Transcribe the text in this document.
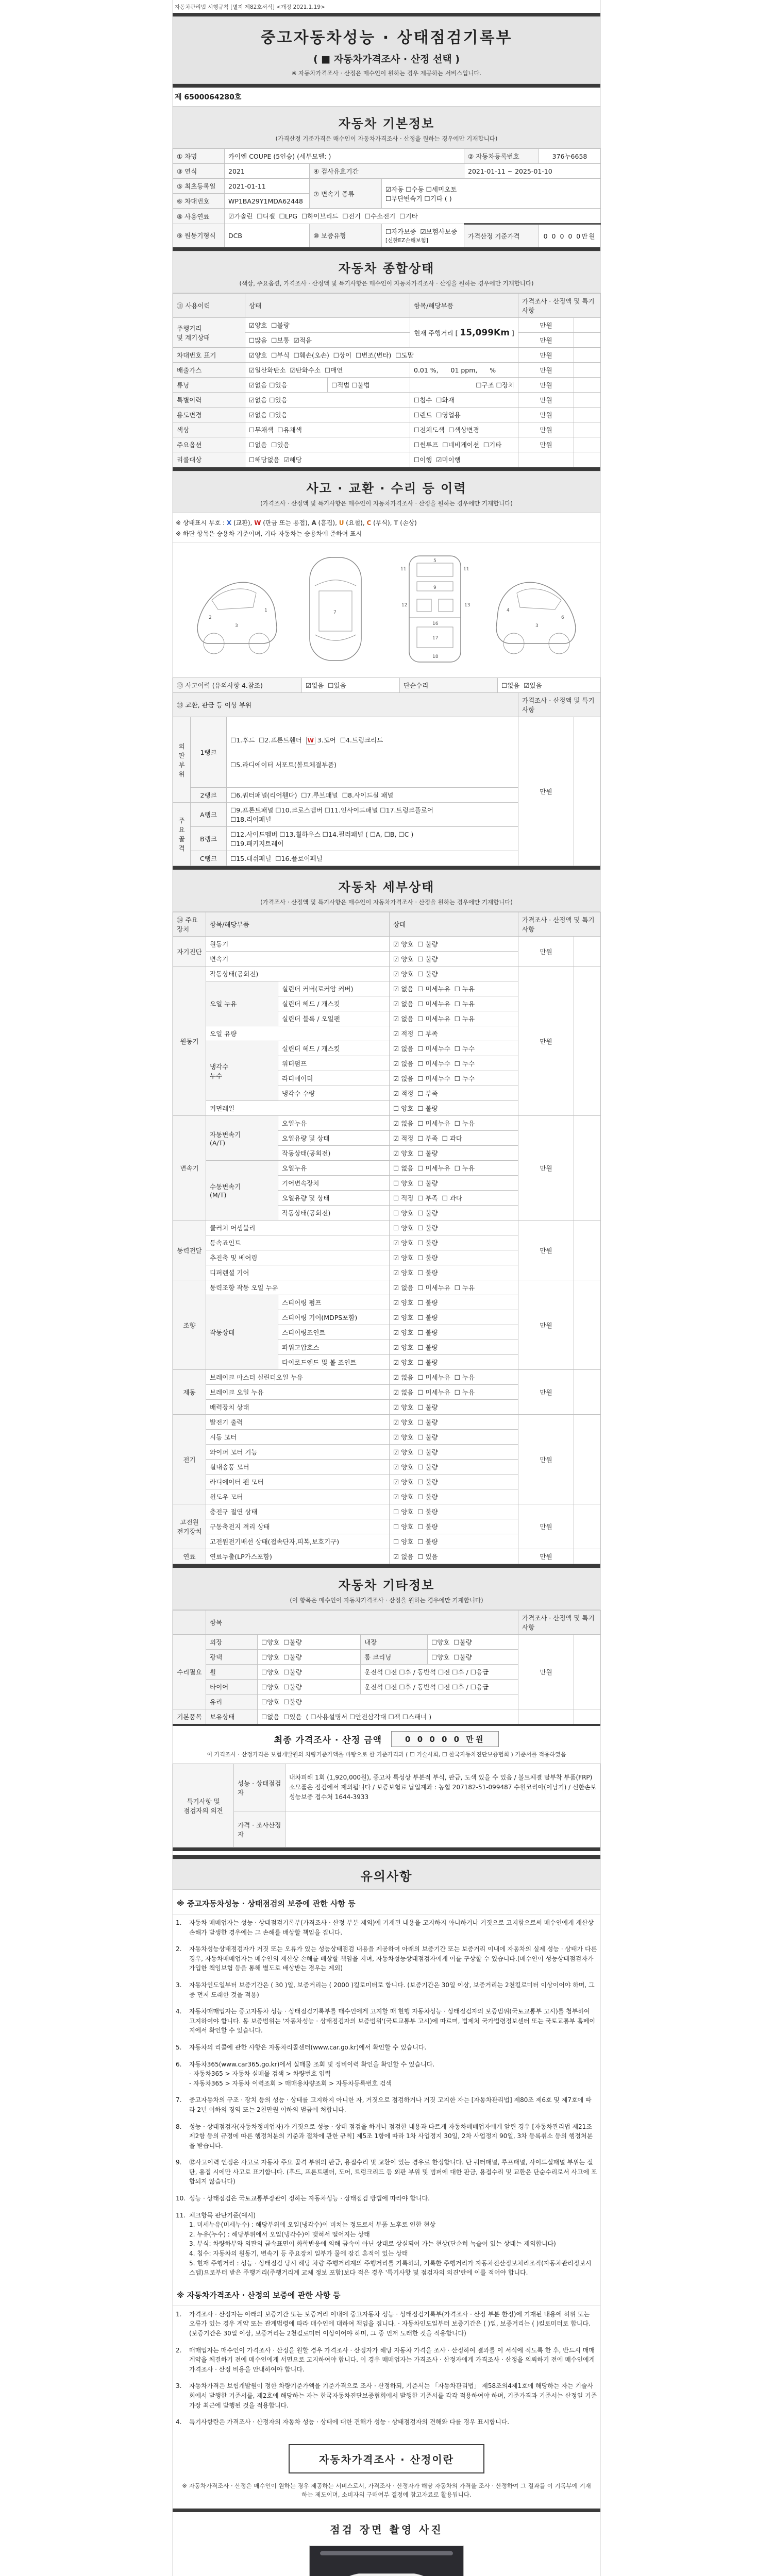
자동차관리법 시행규칙 [별지 제82호서식] <개정 2021.1.19>
중고자동차성능 · 상태점검기록부
( ■ 자동차가격조사 · 산정 선택 )
※ 자동차가격조사 · 산정은 매수인이 원하는 경우 제공하는 서비스입니다.
제 6500064280호
자동차 기본정보
(가격산정 기준가격은 매수인이 자동차가격조사 · 산정을 원하는 경우에만 기재합니다)
① 차명	카이엔 COUPE (5인승) (세부모델: )			② 자동차등록번호	376누6658
③ 연식	2021	④ 검사유효기간		2021-01-11 ~ 2025-01-10	
⑤ 최초등록일	2021-01-11	⑦ 변속기 종류	☑자동 ☐수동 ☐세미오토
☐무단변속기 ☐기타 ( )		
⑥ 차대번호	WP1BA29Y1MDA62448				
⑧ 사용연료	☑가솔린  ☐디젤  ☐LPG  ☐하이브리드  ☐전기  ☐수소전기  ☐기타				
⑨ 원동기형식	DCB	⑩ 보증유형	☐자가보증  ☑보험사보증 [신한EZ손해보험]	가격산정 기준가격	0 0 0 0 0만원
자동차 종합상태
(색상, 주요옵션, 가격조사 · 산정액 및 특기사항은 매수인이 자동차가격조사 · 산정을 원하는 경우에만 기재합니다)
⑪ 사용이력	상태		항목/해당부품	가격조사 · 산정액 및 특기사항	
주행거리
및 계기상태	☑양호  ☐불량		현재 주행거리 [ 15,099Km ]	만원	
	☐많음  ☐보통  ☑적음			만원	
차대번호 표기	☑양호  ☐부식  ☐훼손(오손)  ☐상이  ☐변조(변타)  ☐도말			만원	
배출가스	☑일산화탄소  ☑탄화수소  ☐매연		0.01 %,      01 ppm,      %	만원	
튜닝	☑없음 ☐있음	☐적법 ☐불법	☐구조 ☐장치	만원	
특별이력	☑없음 ☐있음		☐침수  ☐화재	만원	
용도변경	☑없음 ☐있음		☐렌트  ☐영업용	만원	
색상	☐무채색  ☐유채색		☐전체도색  ☐색상변경	만원	
주요옵션	☐없음  ☐있음		☐썬루프  ☐네비게이션  ☐기타	만원	
리콜대상	☐해당없음  ☑해당		☐이행  ☑미이행		
사고 · 교환 · 수리 등 이력
(가격조사 · 산정액 및 특기사항은 매수인이 자동차가격조사 · 산정을 원하는 경우에만 기재합니다)
※ 상태표시 부호 : X (교환), W (판금 또는 용접), A (흠집), U (요철), C (부식), T (손상)
※ 하단 항목은 승용차 기준이며, 기타 자동차는 승용차에 준하여 표시
2
3
1	7
11	11
5
9
12	13
16
17
18
6
3
4
⑫ 사고이력 (유의사항 4.참조)	☑없음  ☐있음	단순수리	☐없음  ☑있음
⑬ 교환, 판금 등 이상 부위			가격조사 · 산정액 및 특기사항	
외판
부위	1랭크	

☐1.후드  ☐2.프론트휀더  W 3.도어  ☐4.트렁크리드

☐5.라디에이터 서포트(볼트체결부품)

	만원	
	2랭크	☐6.쿼터패널(리어휀다)  ☐7.루브패널  ☐8.사이드실 패널		
주요
골격	A랭크	☐9.프론트패널 ☐10.크로스멤버 ☐11.인사이드패널 ☐17.트렁크플로어
☐18.리어패널		
	B랭크	☐12.사이드멤버 ☐13.휠하우스 ☐14.필러패널 ( ☐A, ☐B, ☐C )
☐19.패키지트레이		
	C랭크	☐15.대쉬패널  ☐16.플로어패널		
자동차 세부상태
(가격조사 · 산정액 및 특기사항은 매수인이 자동차가격조사 · 산정을 원하는 경우에만 기재합니다)
⑭ 주요장치	항목/해당부품		상태	가격조사 · 산정액 및 특기사항	
자기진단	원동기		☑ 양호  ☐ 불량	만원	
	변속기		☑ 양호  ☐ 불량		
원동기	작동상태(공회전)		☑ 양호  ☐ 불량	만원	
	오일 누유	실린더 커버(로커암 커버)	☑ 없음  ☐ 미세누유  ☐ 누유		
		실린더 헤드 / 개스킷	☑ 없음  ☐ 미세누유  ☐ 누유		
		실린더 블록 / 오일팬	☑ 없음  ☐ 미세누유  ☐ 누유		
	오일 유량		☑ 적정  ☐ 부족		
	냉각수
누수	실린더 헤드 / 개스킷	☑ 없음  ☐ 미세누수  ☐ 누수		
		워터펌프	☑ 없음  ☐ 미세누수  ☐ 누수		
		라디에이터	☑ 없음  ☐ 미세누수  ☐ 누수		
		냉각수 수량	☑ 적정  ☐ 부족		
	커먼레일		☐ 양호  ☐ 불량		
변속기	자동변속기
(A/T)	오일누유	☑ 없음  ☐ 미세누유  ☐ 누유	만원	
		오일유량 및 상태	☑ 적정  ☐ 부족  ☐ 과다		
		작동상태(공회전)	☑ 양호  ☐ 불량		
	수동변속기
(M/T)	오일누유	☐ 없음  ☐ 미세누유  ☐ 누유		
		기어변속장치	☐ 양호  ☐ 불량		
		오일유량 및 상태	☐ 적정  ☐ 부족  ☐ 과다		
		작동상태(공회전)	☐ 양호  ☐ 불량		
동력전달	클러치 어셈블리		☐ 양호  ☐ 불량	만원	
	등속죠인트		☑ 양호  ☐ 불량		
	추진축 및 베어링		☑ 양호  ☐ 불량		
	디퍼렌셜 기어		☑ 양호  ☐ 불량		
조향	동력조향 작동 오일 누유		☑ 없음  ☐ 미세누유  ☐ 누유	만원	
	작동상태	스티어링 펌프	☑ 양호  ☐ 불량		
		스티어링 기어(MDPS포함)	☑ 양호  ☐ 불량		
		스티어링조인트	☑ 양호  ☐ 불량		
		파워고압호스	☑ 양호  ☐ 불량		
		타이로드엔드 및 볼 조인트	☑ 양호  ☐ 불량		
제동	브레이크 마스터 실린더오일 누유		☑ 없음  ☐ 미세누유  ☐ 누유	만원	
	브레이크 오일 누유		☑ 없음  ☐ 미세누유  ☐ 누유		
	배력장치 상태		☑ 양호  ☐ 불량		
전기	발전기 출력		☑ 양호  ☐ 불량	만원	
	시동 모터		☑ 양호  ☐ 불량		
	와이퍼 모터 기능		☑ 양호  ☐ 불량		
	실내송풍 모터		☑ 양호  ☐ 불량		
	라디에이터 팬 모터		☑ 양호  ☐ 불량		
	윈도우 모터		☑ 양호  ☐ 불량		
고전원
전기장치	충전구 절연 상태		☐ 양호  ☐ 불량	만원	
	구동축전지 격리 상태		☐ 양호  ☐ 불량		
	고전원전기배선 상태(접속단자,피복,보호기구)		☐ 양호  ☐ 불량		
연료	연료누출(LP가스포함)		☑ 없음  ☐ 있음	만원	
자동차 기타정보
(이 항목은 매수인이 자동차가격조사 · 산정을 원하는 경우에만 기재합니다)
	항목				가격조사 · 산정액 및 특기사항	
수리필요	외장	☐양호  ☐불량	내장	☐양호  ☐불량	만원	
	광택	☐양호  ☐불량	룸 크리닝	☐양호  ☐불량		
	휠	☐양호  ☐불량	운전석 ☐전 ☐후 / 동반석 ☐전 ☐후 / ☐응급			
	타이어	☐양호  ☐불량	운전석 ☐전 ☐후 / 동반석 ☐전 ☐후 / ☐응급			
	유리	☐양호  ☐불량				
기본품목	보유상태	☐없음  ☐있음  ( ☐사용설명서 ☐안전삼각대 ☐잭 ☐스패너 )				
최종 가격조사 · 산정 금액	0 0 0 0 0 만원
이 가격조사 · 산정가격은 보험개발원의 차량기준가액을 바탕으로 한 기준가격과 ( ☐ 기술사회, ☐ 한국자동차진단보증협회 ) 기준서를 적용하였음
특기사항 및
점검자의 의견	성능 · 상태점검
자	내차피해 1회 (1,920,000원), 중고차 특성상 부분적 부식, 판금, 도색 있을 수 있음 / 볼트체결 탈부착 부품(FRP)소모품은 점검에서 제외됩니다 / 보증보험료 납입계좌 : 농협 207182-51-099487 수원코리아(이남기) / 신한손보 성능보증 접수처 1644-3933
	가격 · 조사산정
자	
유의사항
※ 중고자동차성능 · 상태점검의 보증에 관한 사항 등
1.	자동차 매매업자는 성능 · 상태점검기록부(가격조사 · 산정 부분 제외)에 기재된 내용을 고지하지 아니하거나 거짓으로 고지함으로써 매수인에게 재산상 손해가 발생한 경우에는 그 손해를 배상할 책임을 집니다.
2.	자동차성능상태점검자가 거짓 또는 오류가 있는 성능상태점검 내용을 제공하여 아래의 보증기간 또는 보증거리 이내에 자동차의 실제 성능 · 상태가 다른 경우, 자동차매매업자는 매수인의 재산상 손해를 배상할 책임을 지며, 자동차성능상태점검자에게 이를 구상할 수 있습니다.(매수인이 성능상태점검자가 가입한 책임보험 등을 통해 별도로 배상받는 경우는 제외)
3.	자동차인도일부터 보증기간은 ( 30 )일, 보증거리는 ( 2000 )킬로미터로 합니다. (보증기간은 30일 이상, 보증거리는 2천킬로미터 이상이어야 하며, 그 중 먼저 도래한 것을 적용)
4.	자동차매매업자는 중고자동차 성능 · 상태점검기록부를 매수인에게 고지할 때 현행 자동차성능 · 상태점검자의 보증범위(국토교통부 고시)를 첨부하여 고지하여야 합니다. 동 보증범위는 '자동차성능 · 상태점검자의 보증범위'(국토교통부 고시)에 따르며, 법제처 국가법령정보센터 또는 국토교통부 홈페이지에서 확인할 수 있습니다.
5.	자동차의 리콜에 관한 사항은 자동차리콜센터(www.car.go.kr)에서 확인할 수 있습니다.
6.	자동차365(www.car365.go.kr)에서 실매물 조회 및 정비이력 확인을 확인할 수 있습니다.
- 자동차365 > 자동차 실매물 검색 > 차량번호 입력
- 자동차365 > 자동차 이력조회 > 매매용차량조회 > 자동차등록번호 검색
7.	중고자동차의 구조 · 장치 등의 성능 · 상태를 고지하지 아니한 자, 거짓으로 점검하거나 거짓 고지한 자는 [자동차관리법] 제80조 제6호 및 제7호에 따라 2년 이하의 징역 또는 2천만원 이하의 벌금에 처합니다.
8.	성능 · 상태점검자(자동차정비업자)가 거짓으로 성능 · 상태 점검을 하거나 점검한 내용과 다르게 자동차매매업자에게 알린 경우 [자동차관리법 제21조 제2항 등의 규정에 따른 행정처분의 기준과 절차에 관한 규칙] 제5조 1항에 따라 1차 사업정지 30일, 2차 사업정지 90일, 3차 등록취소 등의 행정처분을 받습니다.
9.	⑫사고이력 인정은 사고로 자동차 주요 골격 부위의 판금, 용접수리 및 교환이 있는 경우로 한정합니다. 단 쿼터패널, 루프패널, 사이드실패널 부위는 절단, 용접 시에만 사고로 표기합니다. (후드, 프론트펜더, 도어, 트렁크리드 등 외판 부위 및 범퍼에 대한 판금, 용접수리 및 교환은 단순수리로서 사고에 포함되지 않습니다)
10. 성능 · 상태점검은 국토교통부장관이 정하는 자동차성능 · 상태점검 방법에 따라야 합니다.
11. 체크항목 판단기준(예시)
1. 미세누유(미세누수) : 해당부위에 오일(냉각수)이 비치는 정도로서 부품 노후로 인한 현상
2. 누유(누수) : 해당부위에서 오일(냉각수)이 맺혀서 떨어지는 상태
3. 부식: 차량하부와 외판의 금속표면이 화학반응에 의해 금속이 아닌 상태로 상실되어 가는 현상(단순히 녹슬어 있는 상태는 제외합니다)
4. 침수: 자동차의 원동기, 변속기 등 주요장치 일부가 물에 잠긴 흔적이 있는 상태
5. 현재 주행거리 : 성능 · 상태점검 당시 해당 차량 주행거리계의 주행거리를 기록하되, 기록한 주행거리가 자동차전산정보처리조직(자동차관리정보시스템)으로부터 받은 주행거리(주행거리계 교체 정보 포함)보다 적은 경우 '특기사항 및 점검자의 의견'란에 이를 적어야 합니다.
※ 자동차가격조사 · 산정의 보증에 관한 사항 등
1.	가격조사 · 산정자는 아래의 보증기간 또는 보증거리 이내에 중고자동차 성능 · 상태점검기록부(가격조사 · 산정 부분 한정)에 기재된 내용에 허위 또는 오류가 있는 경우 계약 또는 관계법령에 따라 매수인에 대하여 책임을 집니다. · 자동차인도일부터 보증기간은 ( )일, 보증거리는 ( )킬로미터로 합니다. (보증기간은 30일 이상, 보증거리는 2천킬로미터 이상이어야 하며, 그 중 먼저 도래한 것을 적용합니다)
2.	매매업자는 매수인이 가격조사 · 산정을 원할 경우 가격조사 · 산정자가 해당 자동차 가격을 조사 · 산정하여 결과를 이 서식에 적도록 한 후, 반드시 매매계약을 체결하기 전에 매수인에게 서면으로 고지하여야 합니다. 이 경우 매매업자는 가격조사 · 산정자에게 가격조사 · 산정을 의뢰하기 전에 매수인에게 가격조사 · 산정 비용을 안내하여야 합니다.
3.	자동차가격은 보험개발원이 정한 차량기준가액을 기준가격으로 조사 · 산정하되, 기준서는 「자동차관리법」 제58조의4제1호에 해당하는 자는 기술사회에서 발행한 기준서를, 제2호에 해당하는 자는 한국자동차진단보증협회에서 발행한 기준서를 각각 적용하여야 하며, 기준가격과 기준서는 산정일 기준 가장 최근에 발행된 것을 적용합니다.
4.	특기사항란은 가격조사 · 산정자의 자동차 성능 · 상태에 대한 견해가 성능 · 상태점검자의 견해와 다를 경우 표시합니다.
자동차가격조사 · 산정이란
※ 자동차가격조사 · 산정은 매수인이 원하는 경우 제공하는 서비스로서, 가격조사 · 산정자가 해당 자동차의 가격을 조사 · 산정하여 그 결과를 이 기록부에 기재하는 제도이며, 소비자의 구매여부 결정에 참고자료로 활용됩니다.
점검 장면 촬영 사진
